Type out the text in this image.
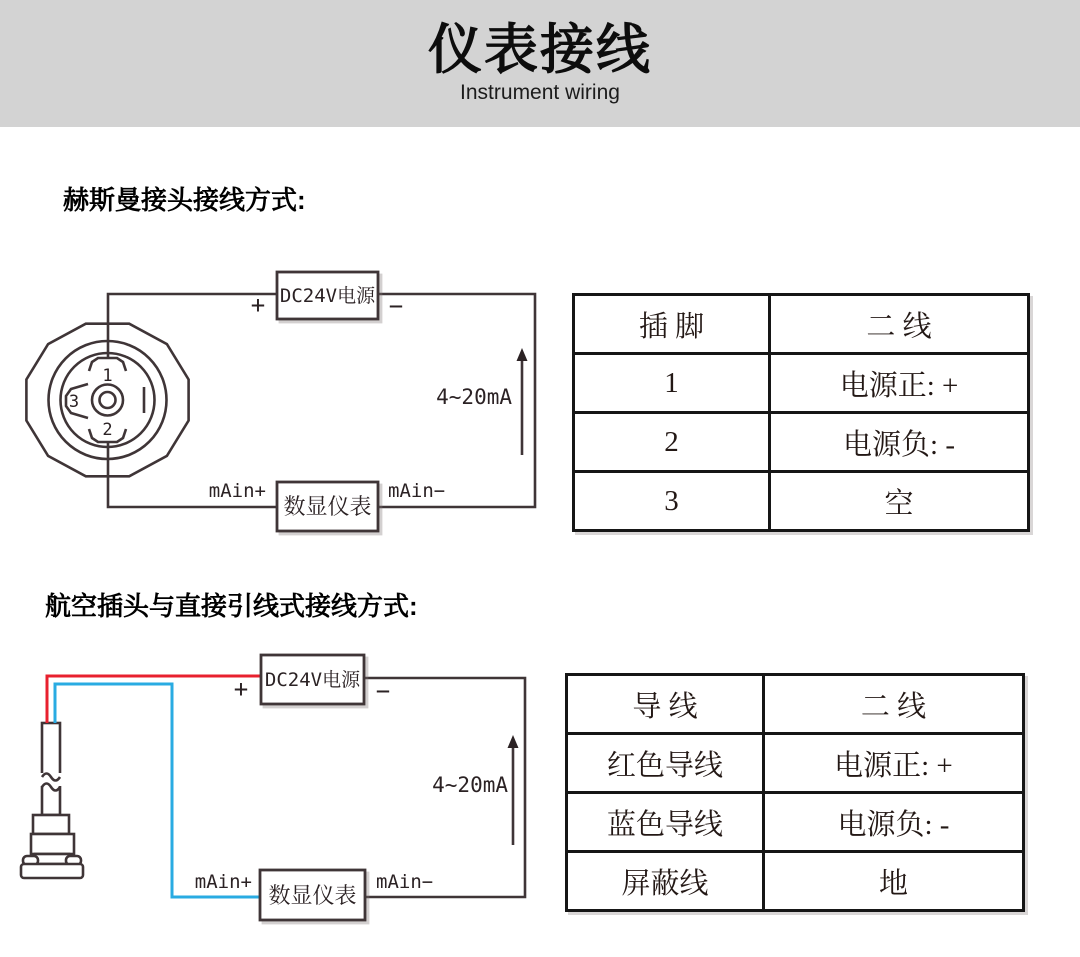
仪表接线
Instrument wiring
赫斯曼接头接线方式:
1
2
3
DC24V电源
数显仪表
+	−
mAin+	mAin−
4~20mA
插 脚	二 线
1	电源正: +
2	电源负: -
3	空
航空插头与直接引线式接线方式:
DC24V电源
数显仪表
+	−
mAin+	mAin−
4~20mA
导 线	二 线
红色导线	电源正: +
蓝色导线	电源负: -
屏蔽线	地
